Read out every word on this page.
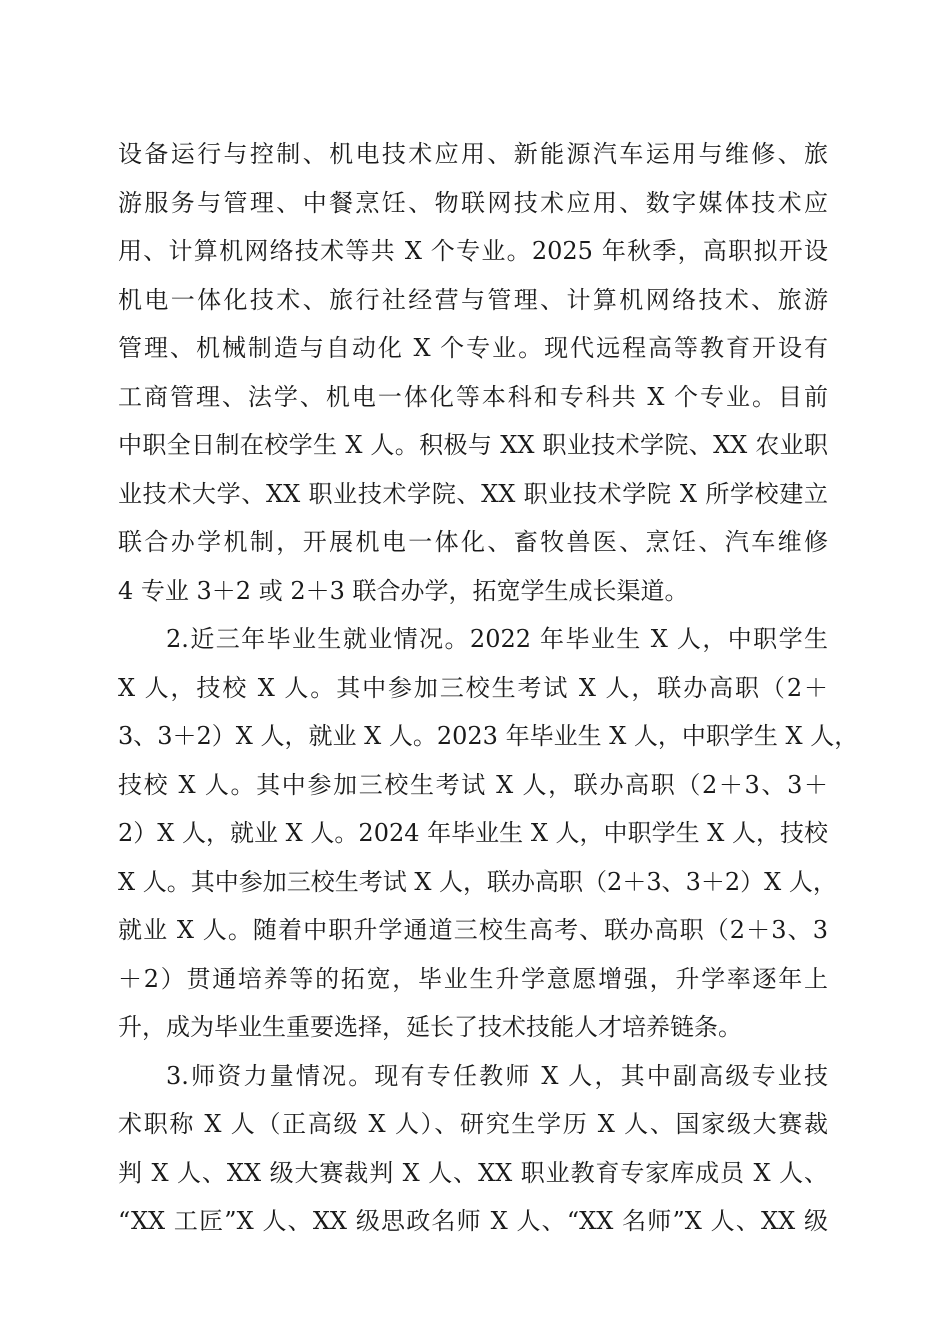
设备运行与控制、机电技术应用、新能源汽车运用与维修、旅
游服务与管理、中餐烹饪、物联网技术应用、数字媒体技术应
用、计算机网络技术等共 X 个专业。2025 年秋季，高职拟开设
机电一体化技术、旅行社经营与管理、计算机网络技术、旅游
管理、机械制造与自动化 X 个专业。现代远程高等教育开设有
工商管理、法学、机电一体化等本科和专科共 X 个专业。目前
中职全日制在校学生 X 人。积极与 XX 职业技术学院、XX 农业职
业技术大学、XX 职业技术学院、XX 职业技术学院 X 所学校建立
联合办学机制，开展机电一体化、畜牧兽医、烹饪、汽车维修
4 专业 3＋2 或 2＋3 联合办学，拓宽学生成长渠道。
2.近三年毕业生就业情况。2022 年毕业生 X 人，中职学生
X 人，技校 X 人。其中参加三校生考试 X 人，联办高职（2＋
3、3＋2）X 人，就业 X 人。2023 年毕业生 X 人，中职学生 X 人，
技校 X 人。其中参加三校生考试 X 人，联办高职（2＋3、3＋
2）X 人，就业 X 人。2024 年毕业生 X 人，中职学生 X 人，技校
X 人。其中参加三校生考试 X 人，联办高职（2＋3、3＋2）X 人，
就业 X 人。随着中职升学通道三校生高考、联办高职（2＋3、3
＋2）贯通培养等的拓宽，毕业生升学意愿增强，升学率逐年上
升，成为毕业生重要选择，延长了技术技能人才培养链条。
3.师资力量情况。现有专任教师 X 人，其中副高级专业技
术职称 X 人（正高级 X 人）、研究生学历 X 人、国家级大赛裁
判 X 人、XX 级大赛裁判 X 人、XX 职业教育专家库成员 X 人、
“XX 工匠”X 人、XX 级思政名师 X 人、“XX 名师”X 人、XX 级
